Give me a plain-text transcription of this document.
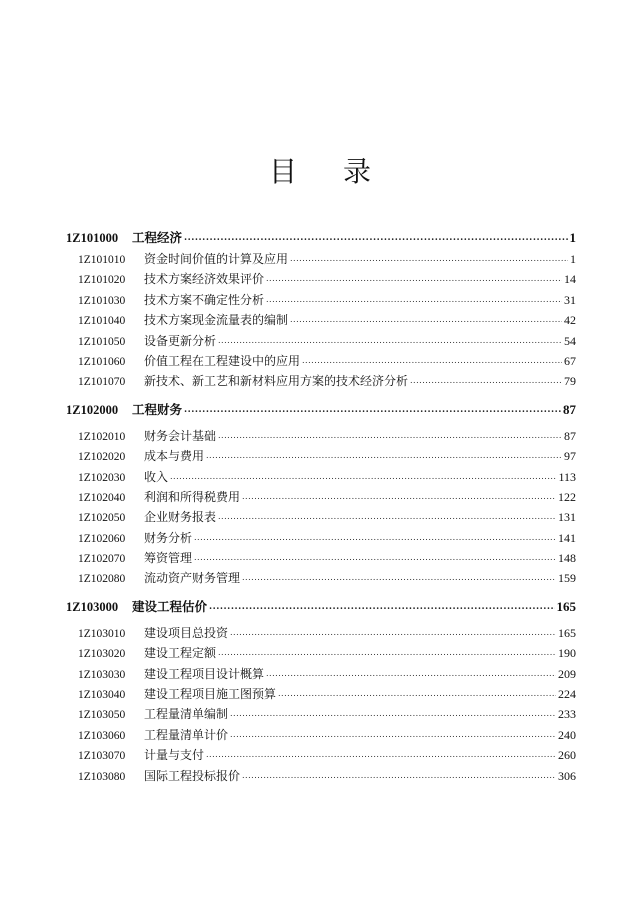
目 录
1Z101000	工程经济 .....	1
1Z101010	资金时间价值的计算及应用 .....	1
1Z101020	技术方案经济效果评价 .....	14
1Z101030	技术方案不确定性分析 .....	31
1Z101040	技术方案现金流量表的编制 .....	42
1Z101050	设备更新分析 .....	54
1Z101060	价值工程在工程建设中的应用 .....	67
1Z101070	新技术、新工艺和新材料应用方案的技术经济分析 .....	79
1Z102000	工程财务 .....	87
1Z102010	财务会计基础 .....	87
1Z102020	成本与费用 .....	97
1Z102030	收入 .....	113
1Z102040	利润和所得税费用 .....	122
1Z102050	企业财务报表 .....	131
1Z102060	财务分析 .....	141
1Z102070	筹资管理 .....	148
1Z102080	流动资产财务管理 .....	159
1Z103000	建设工程估价 .....	165
1Z103010	建设项目总投资 .....	165
1Z103020	建设工程定额 .....	190
1Z103030	建设工程项目设计概算 .....	209
1Z103040	建设工程项目施工图预算 .....	224
1Z103050	工程量清单编制 .....	233
1Z103060	工程量清单计价 .....	240
1Z103070	计量与支付 .....	260
1Z103080	国际工程投标报价 .....	306
